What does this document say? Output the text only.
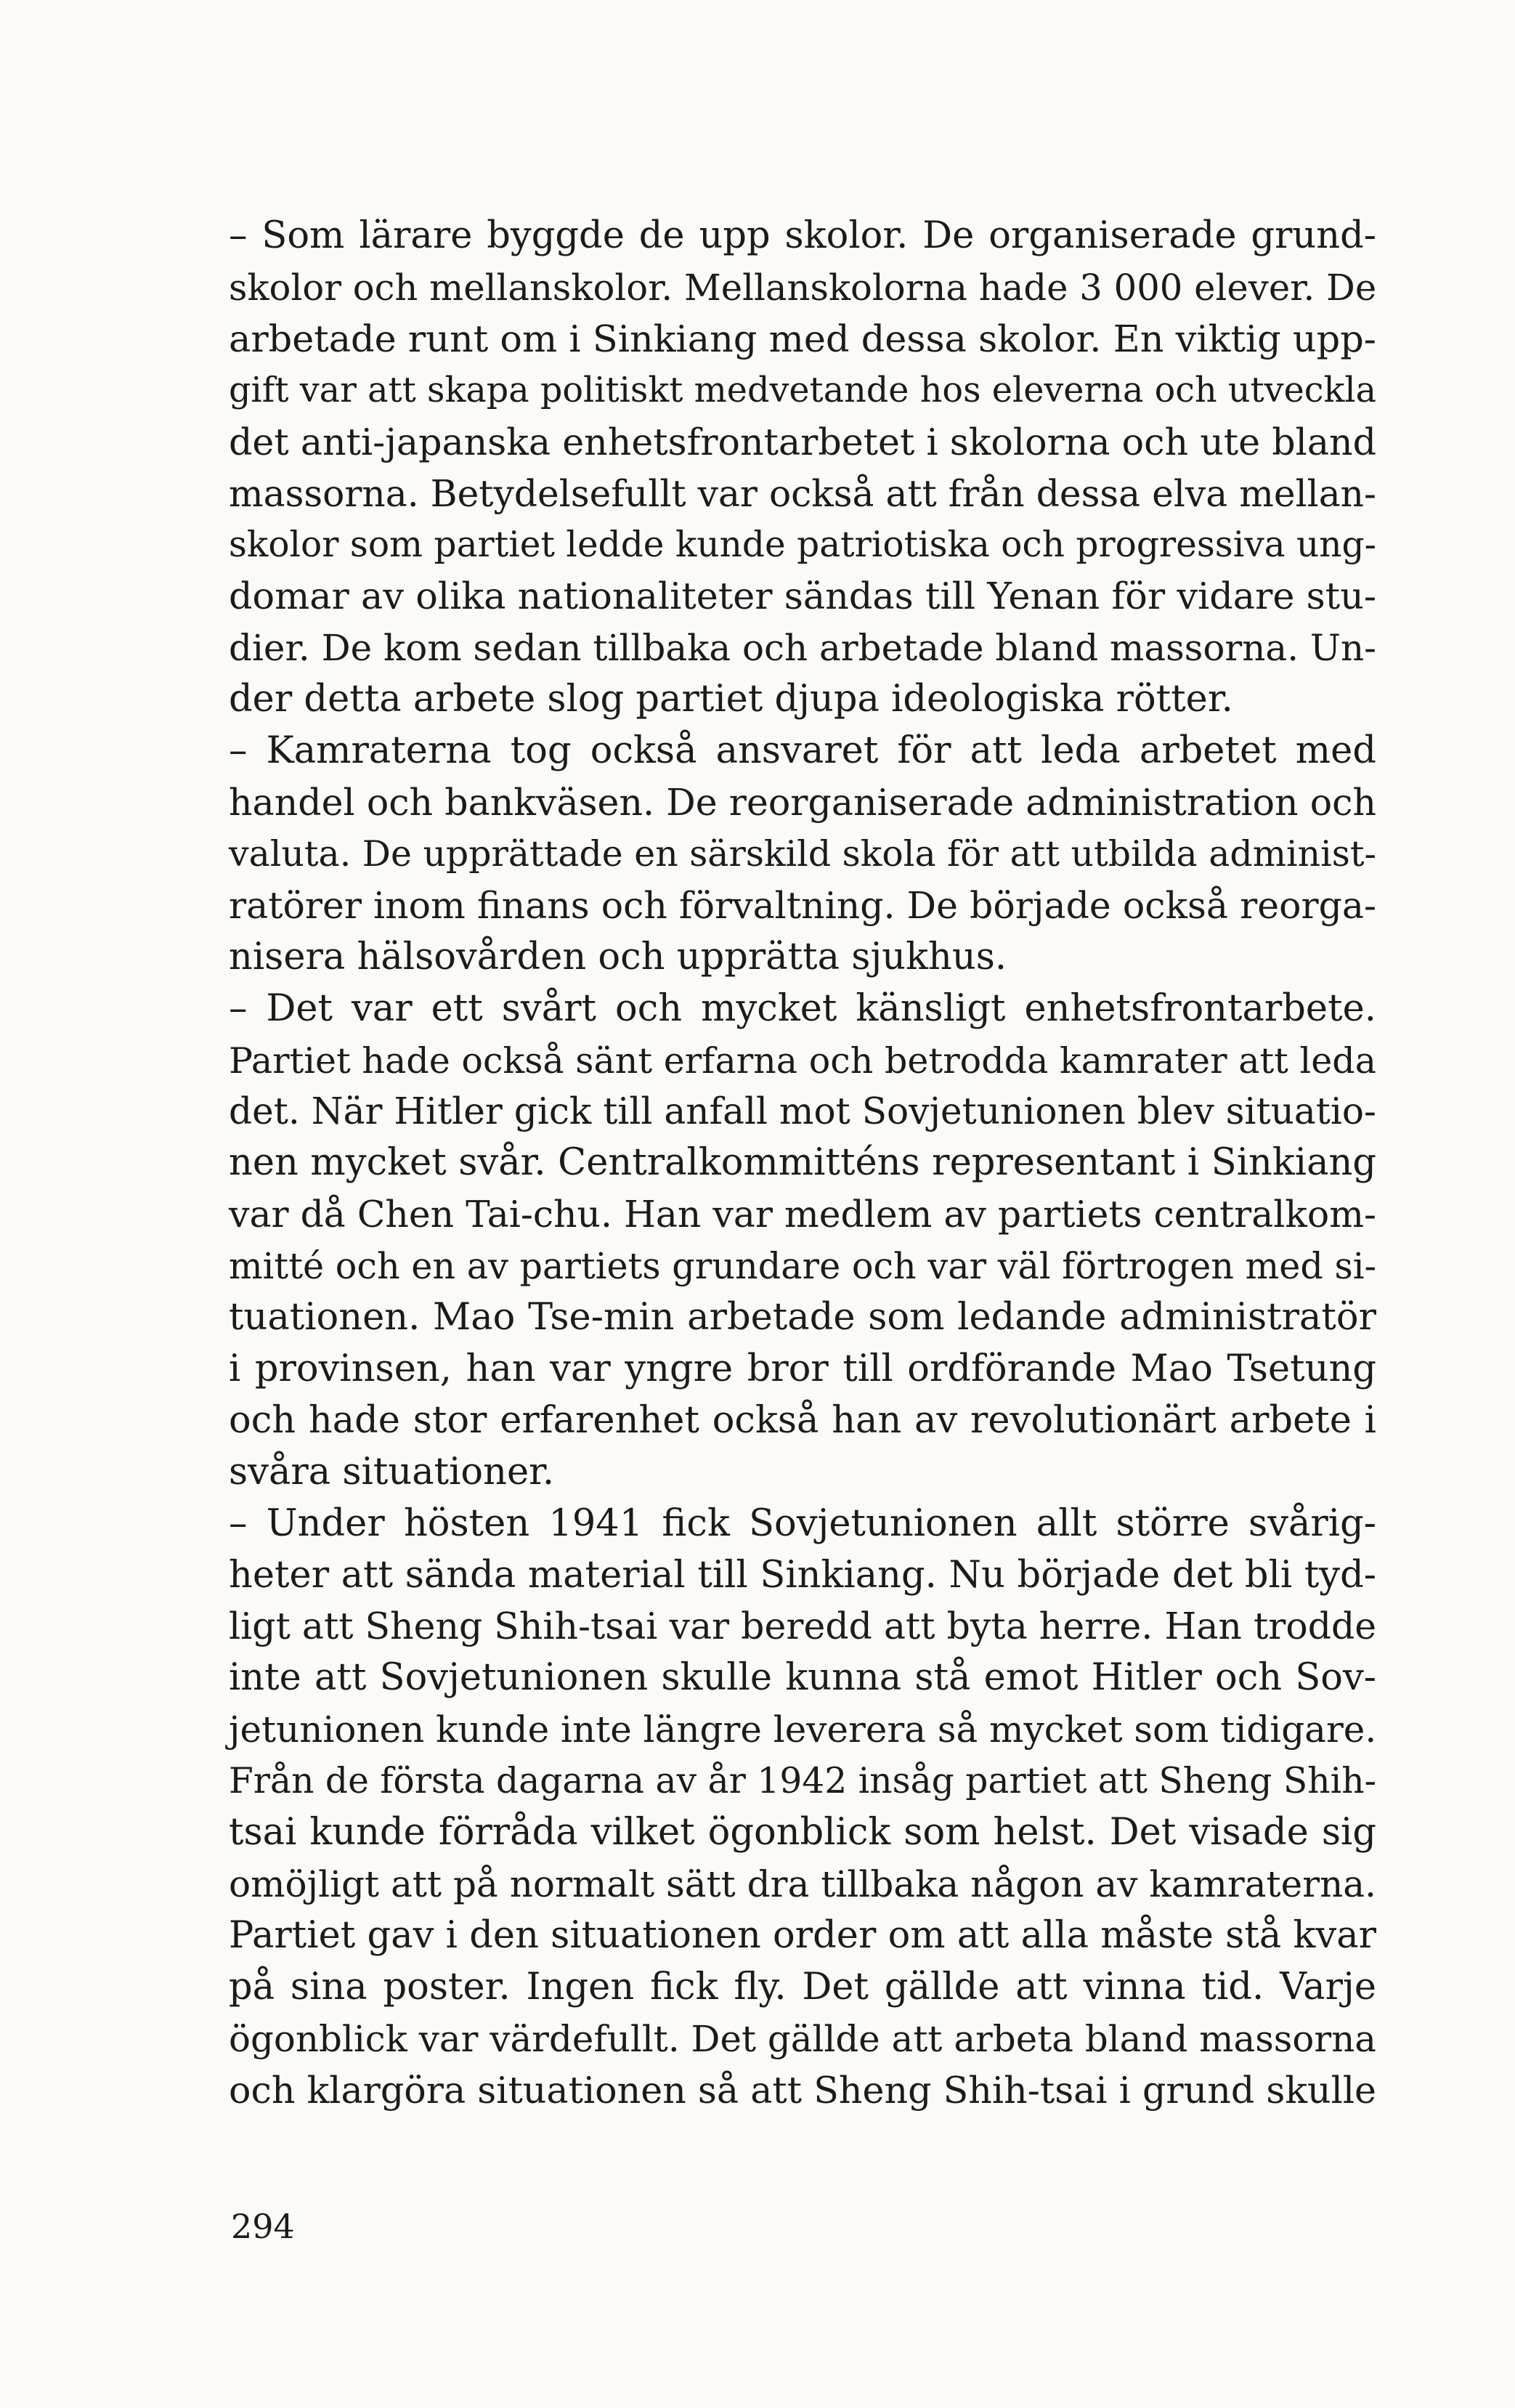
– Som lärare byggde de upp skolor. De organiserade grund-
skolor och mellanskolor. Mellanskolorna hade 3 000 elever. De
arbetade runt om i Sinkiang med dessa skolor. En viktig upp-
gift var att skapa politiskt medvetande hos eleverna och utveckla
det anti-japanska enhetsfrontarbetet i skolorna och ute bland
massorna. Betydelsefullt var också att från dessa elva mellan-
skolor som partiet ledde kunde patriotiska och progressiva ung-
domar av olika nationaliteter sändas till Yenan för vidare stu-
dier. De kom sedan tillbaka och arbetade bland massorna. Un-
der detta arbete slog partiet djupa ideologiska rötter.

– Kamraterna tog också ansvaret för att leda arbetet med
handel och bankväsen. De reorganiserade administration och
valuta. De upprättade en särskild skola för att utbilda administ-
ratörer inom finans och förvaltning. De började också reorga-
nisera hälsovården och upprätta sjukhus.

– Det var ett svårt och mycket känsligt enhetsfrontarbete.
Partiet hade också sänt erfarna och betrodda kamrater att leda
det. När Hitler gick till anfall mot Sovjetunionen blev situatio-
nen mycket svår. Centralkommitténs representant i Sinkiang
var då Chen Tai-chu. Han var medlem av partiets centralkom-
mitté och en av partiets grundare och var väl förtrogen med si-
tuationen. Mao Tse-min arbetade som ledande administratör
i provinsen, han var yngre bror till ordförande Mao Tsetung
och hade stor erfarenhet också han av revolutionärt arbete i
svåra situationer.

– Under hösten 1941 fick Sovjetunionen allt större svårig-
heter att sända material till Sinkiang. Nu började det bli tyd-
ligt att Sheng Shih-tsai var beredd att byta herre. Han trodde
inte att Sovjetunionen skulle kunna stå emot Hitler och Sov-
jetunionen kunde inte längre leverera så mycket som tidigare.
Från de första dagarna av år 1942 insåg partiet att Sheng Shih-
tsai kunde förråda vilket ögonblick som helst. Det visade sig
omöjligt att på normalt sätt dra tillbaka någon av kamraterna.
Partiet gav i den situationen order om att alla måste stå kvar
på sina poster. Ingen fick fly. Det gällde att vinna tid. Varje
ögonblick var värdefullt. Det gällde att arbeta bland massorna
och klargöra situationen så att Sheng Shih-tsai i grund skulle

294
